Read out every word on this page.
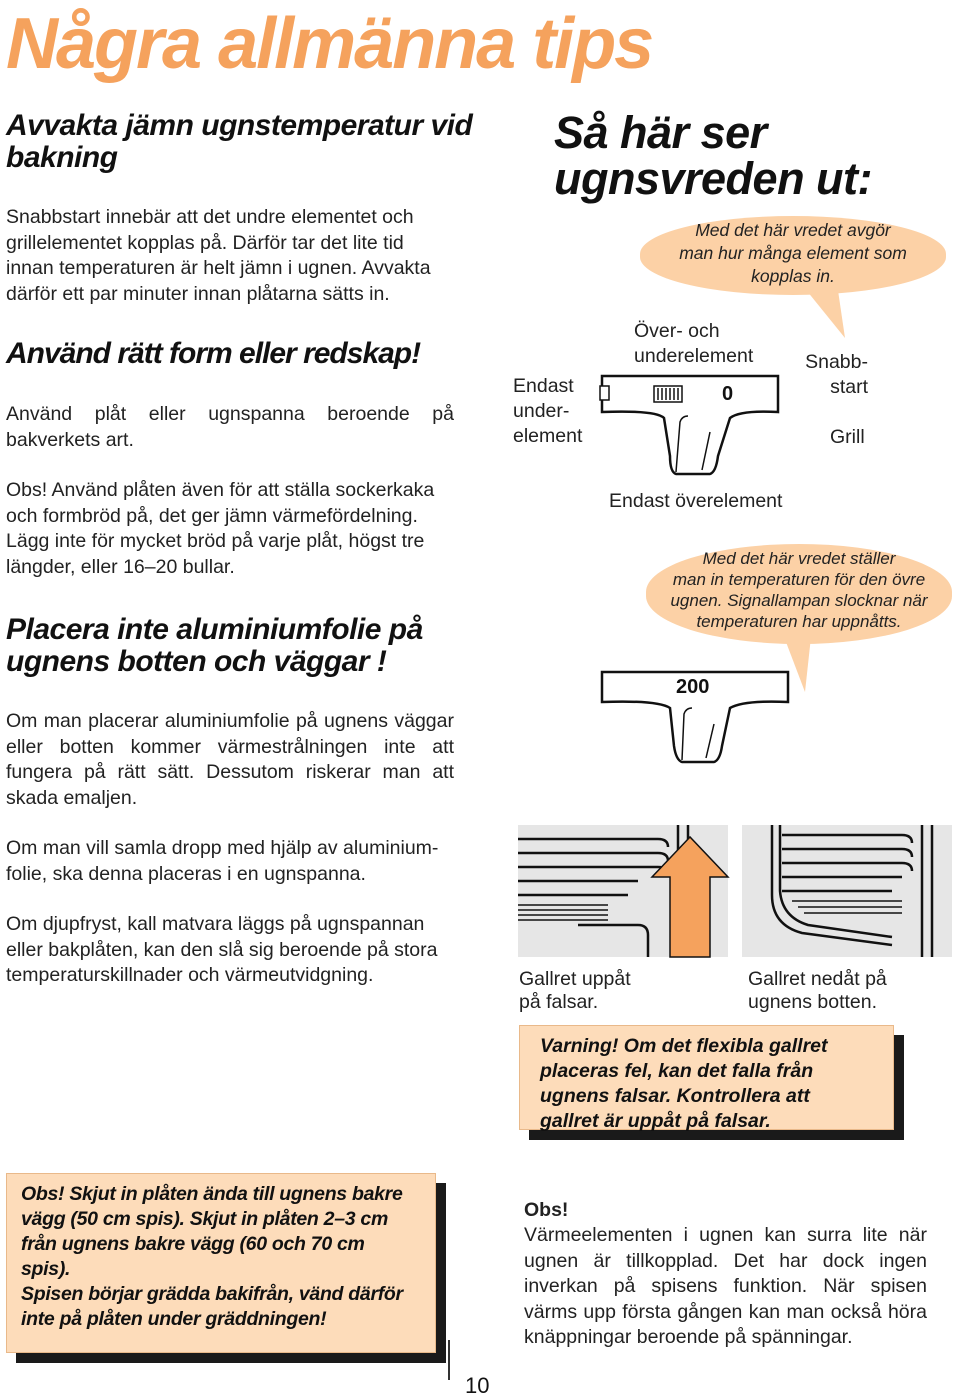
Några allmänna tips
Avvakta jämn ugnstemperatur vid bakning
Snabbstart innebär att det undre elementet och
grillelementet kopplas på. Därför tar det lite tid
innan temperaturen är helt jämn i ugnen. Avvakta
därför ett par minuter innan plåtarna sätts in.
Använd rätt form eller redskap!
Använd plåt eller ugnspanna beroende på bakverkets art.
Obs! Använd plåten även för att ställa sockerkaka
och formbröd på, det ger jämn värmefördelning.
Lägg inte för mycket bröd på varje plåt, högst tre
längder, eller 16–20 bullar.
Placera inte aluminiumfolie på ugnens botten och väggar !
Om man placerar aluminiumfolie på ugnens väggar eller botten kommer värmestrålningen inte att fungera på rätt sätt. Dessutom riskerar man att skada emaljen.
Om man vill samla dropp med hjälp av aluminium-
folie, ska denna placeras i en ugnspanna.
Om djupfryst, kall matvara läggs på ugnspannan
eller bakplåten, kan den slå sig beroende på stora
temperaturskillnader och värmeutvidgning.
Så här ser
ugnsvreden ut:
Med det här vredet avgör
man hur många element som
kopplas in.
Över- och
underelement
Endast
under-
element
Snabb-
start
Grill
Endast överelement
0
Med det här vredet ställer
man in temperaturen för den övre
ugnen. Signallampan slocknar när
temperaturen har uppnåtts.
200
Gallret uppåt
på falsar.
Gallret nedåt på
ugnens botten.
Varning! Om det flexibla gallret
placeras fel, kan det falla från
ugnens falsar. Kontrollera att
gallret är uppåt på falsar.
Obs! Skjut in plåten ända till ugnens bakre
vägg (50 cm spis). Skjut in plåten 2–3 cm
från ugnens bakre vägg (60 och 70 cm
spis).
Spisen börjar grädda bakifrån, vänd därför
inte på plåten under gräddningen!
Obs!
Värmeelementen i ugnen kan surra lite när ugnen är tillkopplad. Det har dock ingen inverkan på spisens funktion. När spisen värms upp första gången kan man också höra knäppningar beroende på spänningar.
10
